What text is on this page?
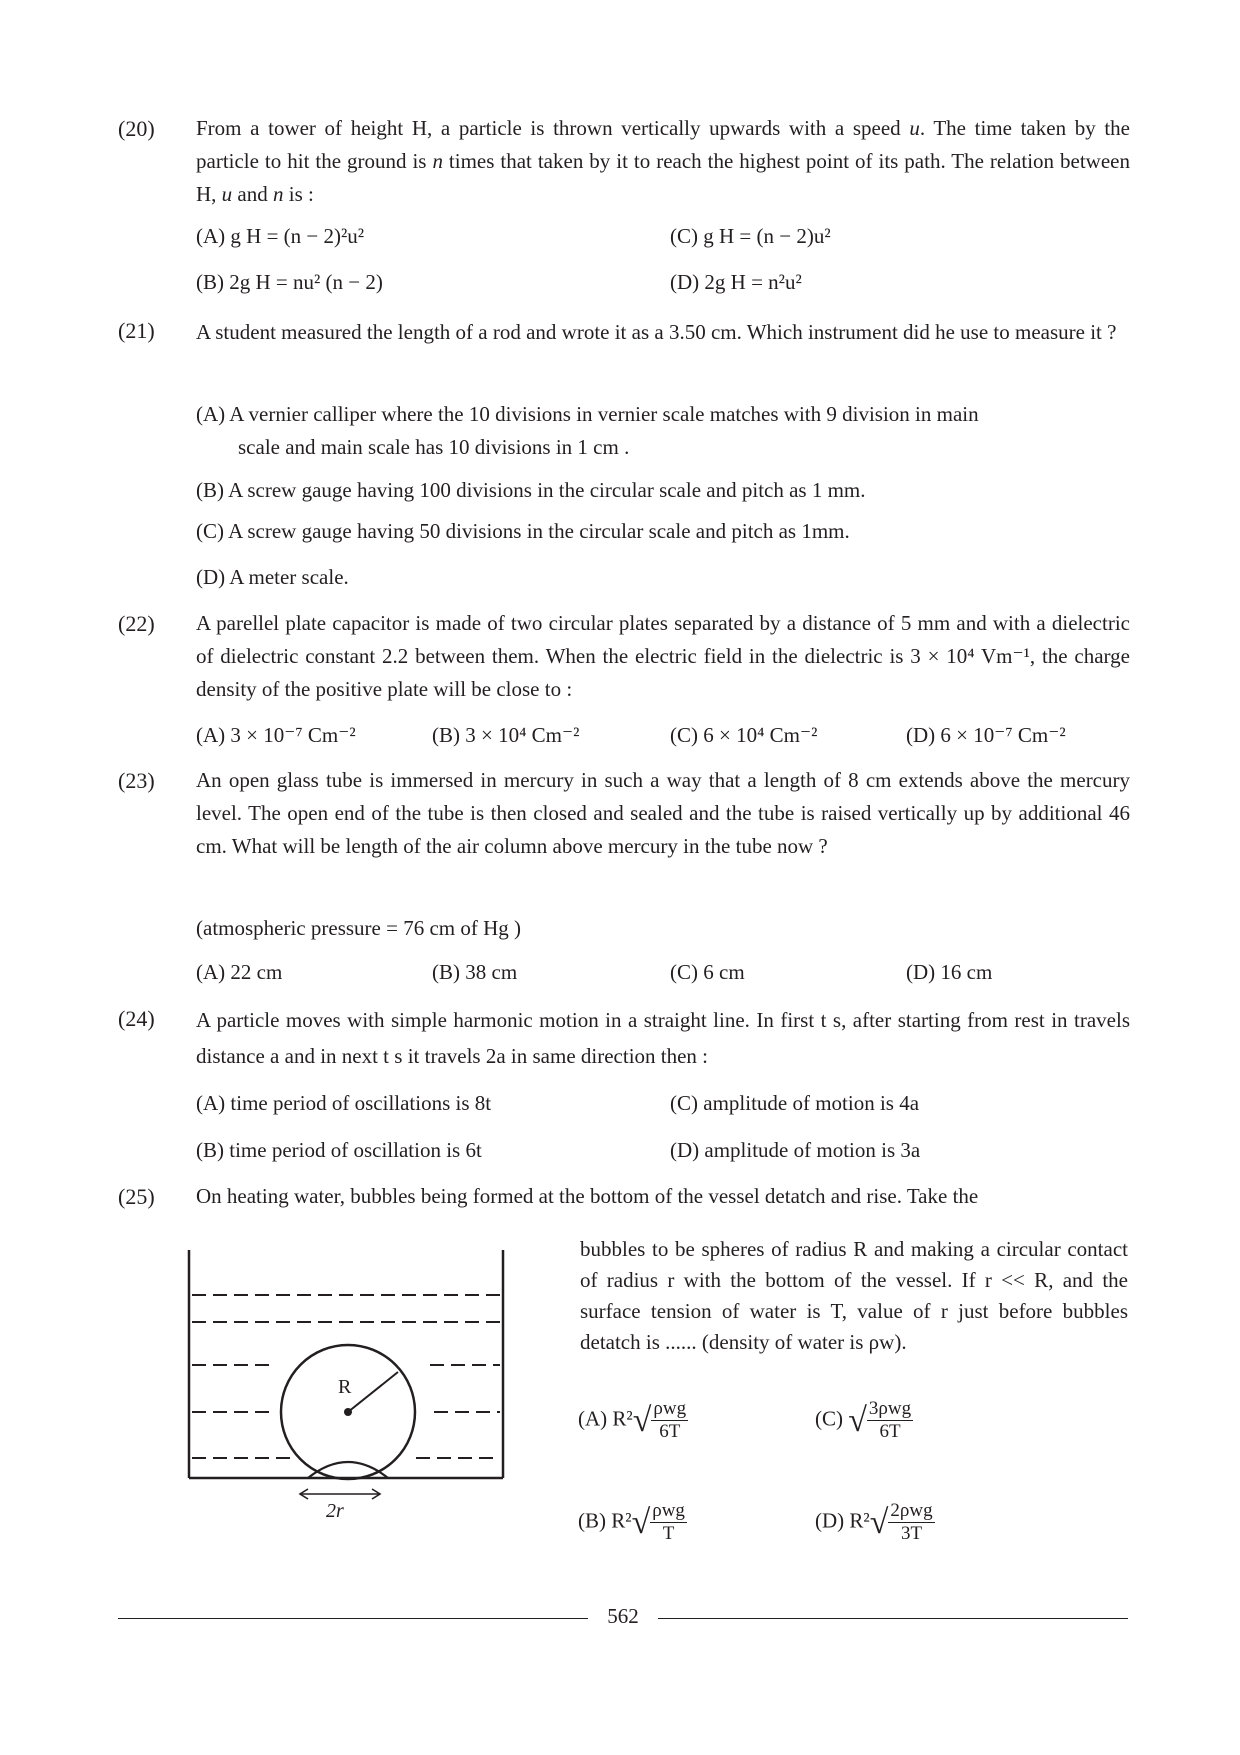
(20)	From a tower of height H, a particle is thrown vertically upwards with a speed u. The time taken by the particle to hit the ground is n times that taken by it to reach the highest point of its path. The relation between H, u and n is :
(A) g H = (n − 2)²u²	(C) g H = (n − 2)u²
(B) 2g H = nu² (n − 2)	(D) 2g H = n²u²
(21)	A student measured the length of a rod and wrote it as a 3.50 cm. Which instrument did he use to measure it ?
(A) A vernier calliper where the 10 divisions in vernier scale matches with 9 division in main
scale and main scale has 10 divisions in 1 cm .
(B) A screw gauge having 100 divisions in the circular scale and pitch as 1 mm.
(C) A screw gauge having 50 divisions in the circular scale and pitch as 1mm.
(D) A meter scale.
(22)	A parellel plate capacitor is made of two circular plates separated by a distance of 5 mm and with a dielectric of dielectric constant 2.2 between them. When the electric field in the dielectric is 3 × 10⁴ Vm⁻¹, the charge density of the positive plate will be close to :
(A) 3 × 10⁻⁷ Cm⁻²	(B) 3 × 10⁴ Cm⁻²	(C) 6 × 10⁴ Cm⁻²	(D) 6 × 10⁻⁷ Cm⁻²
(23)	An open glass tube is immersed in mercury in such a way that a length of 8 cm extends above the mercury level. The open end of the tube is then closed and sealed and the tube is raised vertically up by additional 46 cm. What will be length of the air column above mercury in the tube now ?
(atmospheric pressure = 76 cm of Hg )
(A) 22 cm	(B) 38 cm	(C) 6 cm	(D) 16 cm
(24)	A particle moves with simple harmonic motion in a straight line. In first t s, after starting from rest in travels distance a and in next t s it travels 2a in same direction then :
(A) time period of oscillations is 8t	(C) amplitude of motion is 4a
(B) time period of oscillation is 6t	(D) amplitude of motion is 3a
(25)	On heating water, bubbles being formed at the bottom of the vessel detatch and rise. Take the
bubbles to be spheres of radius R and making a circular contact of radius r with the bottom of the vessel. If r << R, and the surface tension of water is T, value of r just before bubbles detatch is ...... (density of water is ρw).
R
2r
(A) $R^2√ \frac{\text{ρwg}}{6T}$	(C) √ $\frac{\text{3ρwg}}{6T}$
(B) $R^2√ \frac{\text{ρwg}}{T}$	(D) $R^2√ \frac{\text{2ρwg}}{3T}$
562
